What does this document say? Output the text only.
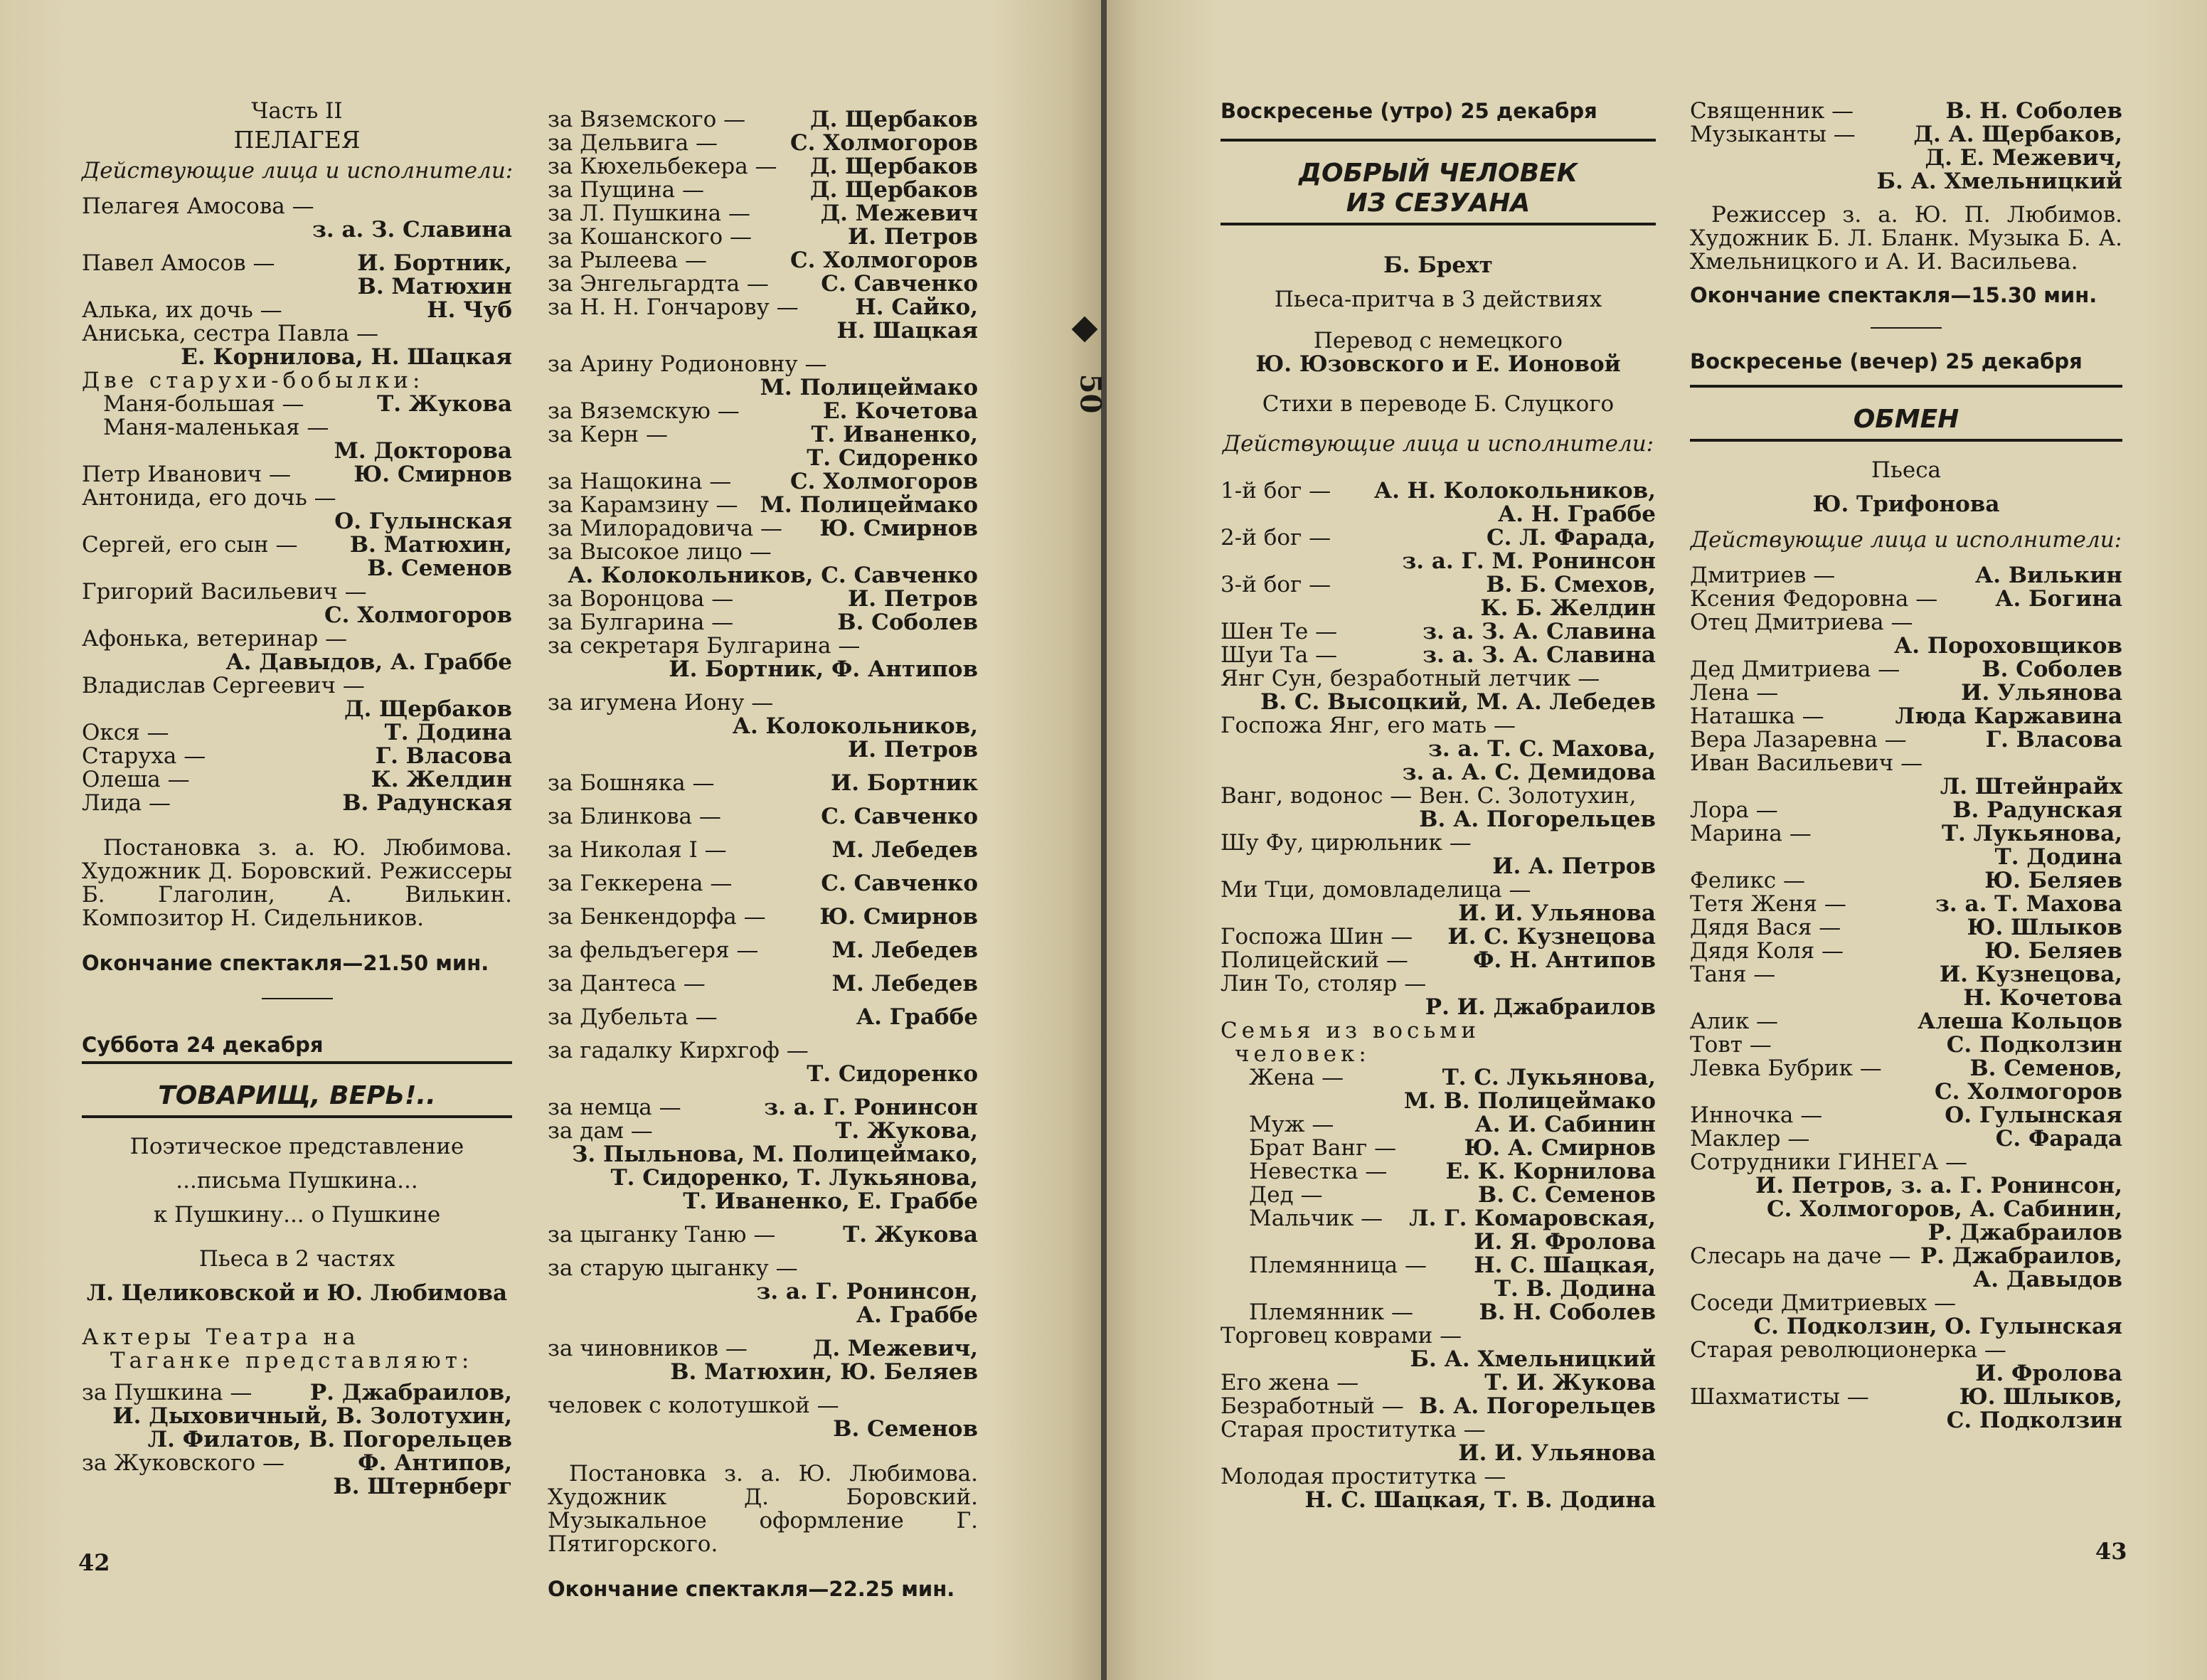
Часть II

ПЕЛАГЕЯ

Действующие лица и исполнители:

Пелагея Амосова —
з. а. З. Славина
Павел Амосов —	И. Бортник,
В. Матюхин
Алька, их дочь —	Н. Чуб
Аниська, сестра Павла —
Е. Корнилова, Н. Шацкая
Две старухи-бобылки:
Маня-большая —	Т. Жукова
Маня-маленькая —
М. Докторова
Петр Иванович —	Ю. Смирнов
Антонида, его дочь —
О. Гулынская
Сергей, его сын — В. Матюхин,
В. Семенов
Григорий Васильевич —
С. Холмогоров
Афонька, ветеринар —
А. Давыдов, А. Граббе
Владислав Сергеевич —
Д. Щербаков
Окся —	Т. Додина
Старуха —	Г. Власова
Олеша —	К. Желдин
Лида —	В. Радунская

Постановка з. а. Ю. Любимова. Художник Д. Боровский. Режиссеры Б. Глаголин, А. Вилькин. Композитор Н. Сидельников.

Окончание спектакля—21.50 мин.

Суббота 24 декабря

ТОВАРИЩ, ВЕРЬ!..

Поэтическое представление

...письма Пушкина...

к Пушкину... о Пушкине

Пьеса в 2 частях

Л. Целиковской и Ю. Любимова

Актеры Театра на

Таганке представляют:

за Пушкина —	Р. Джабраилов,
И. Дыховичный, В. Золотухин,
Л. Филатов, В. Погорельцев
за Жуковского —	Ф. Антипов,
В. Штернберг
за Вяземского —	Д. Щербаков
за Дельвига —	С. Холмогоров
за Кюхельбекера — Д. Щербаков
за Пущина —	Д. Щербаков
за Л. Пушкина —	Д. Межевич
за Кошанского —	И. Петров
за Рылеева —	С. Холмогоров
за Энгельгардта — С. Савченко
за Н. Н. Гончарову —	Н. Сайко,
Н. Шацкая
за Арину Родионовну —
М. Полицеймако
за Вяземскую —	Е. Кочетова
за Керн —	Т. Иваненко,
Т. Сидоренко
за Нащокина —	С. Холмогоров
за Карамзину — М. Полицеймако
за Милорадовича — Ю. Смирнов
за Высокое лицо —
А. Колокольников, С. Савченко
за Воронцова —	И. Петров
за Булгарина —	В. Соболев
за секретаря Булгарина —
И. Бортник, Ф. Антипов
за игумена Иону —
А. Колокольников,
И. Петров
за Бошняка —	И. Бортник
за Блинкова —	С. Савченко
за Николая I —	М. Лебедев
за Геккерена —	С. Савченко
за Бенкендорфа — Ю. Смирнов
за фельдъегеря —	М. Лебедев
за Дантеса —	М. Лебедев
за Дубельта —	А. Граббе
за гадалку Кирхгоф —
Т. Сидоренко
за немца —	з. а. Г. Ронинсон
за дам —	Т. Жукова,
З. Пыльнова, М. Полицеймако,
Т. Сидоренко, Т. Лукьянова,
Т. Иваненко, Е. Граббе
за цыганку Таню —	Т. Жукова
за старую цыганку —
з. а. Г. Ронинсон,
А. Граббе
за чиновников —	Д. Межевич,
В. Матюхин, Ю. Беляев
человек с колотушкой —
В. Семенов

Постановка з. а. Ю. Любимова. Художник Д. Боровский. Музыкальное оформление Г. Пятигорского.

Окончание спектакля—22.25 мин.

42
50

Воскресенье (утро) 25 декабря

ДОБРЫЙ ЧЕЛОВЕК

ИЗ СЕЗУАНА

Б. Брехт

Пьеса-притча в 3 действиях

Перевод с немецкого

Ю. Юзовского и Е. Ионовой

Стихи в переводе Б. Слуцкого

Действующие лица и исполнители:

1-й бог — А. Н. Колокольников,
А. Н. Граббе
2-й бог —	С. Л. Фарада,
з. а. Г. М. Ронинсон
3-й бог —	В. Б. Смехов,
К. Б. Желдин
Шен Те —	з. а. З. А. Славина
Шуи Та —	з. а. З. А. Славина
Янг Сун, безработный летчик —
В. С. Высоцкий, М. А. Лебедев
Госпожа Янг, его мать —
з. а. Т. С. Махова,
з. а. А. С. Демидова
Ванг, водонос — Вен. С. Золотухин,
В. А. Погорельцев
Шу Фу, цирюльник —
И. А. Петров
Ми Тци, домовладелица —
И. И. Ульянова
Госпожа Шин — И. С. Кузнецова
Полицейский —	Ф. Н. Антипов
Лин То, столяр —
Р. И. Джабраилов
Семья из восьми
человек:
Жена —	Т. С. Лукьянова,
М. В. Полицеймако
Муж —	А. И. Сабинин
Брат Ванг —	Ю. А. Смирнов
Невестка —	Е. К. Корнилова
Дед —	В. С. Семенов
Мальчик — Л. Г. Комаровская,
И. Я. Фролова
Племянница — Н. С. Шацкая,
Т. В. Додина
Племянник —	В. Н. Соболев
Торговец коврами —
Б. А. Хмельницкий
Его жена —	Т. И. Жукова
Безработный — В. А. Погорельцев
Старая проститутка —
И. И. Ульянова
Молодая проститутка —
Н. С. Шацкая, Т. В. Додина
Священник —	В. Н. Соболев
Музыканты —	Д. А. Щербаков,
Д. Е. Межевич,
Б. А. Хмельницкий

Режиссер з. а. Ю. П. Любимов. Художник Б. Л. Бланк. Музыка Б. А. Хмельницкого и А. И. Васильева.

Окончание спектакля—15.30 мин.

Воскресенье (вечер) 25 декабря

ОБМЕН

Пьеса

Ю. Трифонова

Действующие лица и исполнители:

Дмитриев —	А. Вилькин
Ксения Федоровна —	А. Богина
Отец Дмитриева —
А. Пороховщиков
Дед Дмитриева —	В. Соболев
Лена —	И. Ульянова
Наташка —	Люда Каржавина
Вера Лазаревна —	Г. Власова
Иван Васильевич —
Л. Штейнрайх
Лора —	В. Радунская
Марина —	Т. Лукьянова,
Т. Додина
Феликс —	Ю. Беляев
Тетя Женя —	з. а. Т. Махова
Дядя Вася —	Ю. Шлыков
Дядя Коля —	Ю. Беляев
Таня —	И. Кузнецова,
Н. Кочетова
Алик —	Алеша Кольцов
Товт —	С. Подколзин
Левка Бубрик —	В. Семенов,
С. Холмогоров
Инночка —	О. Гулынская
Маклер —	С. Фарада
Сотрудники ГИНЕГА —
И. Петров, з. а. Г. Ронинсон,
С. Холмогоров, А. Сабинин,
Р. Джабраилов
Слесарь на даче — Р. Джабраилов,
А. Давыдов
Соседи Дмитриевых —
С. Подколзин, О. Гулынская
Старая революционерка —
И. Фролова
Шахматисты —	Ю. Шлыков,
С. Подколзин
43
